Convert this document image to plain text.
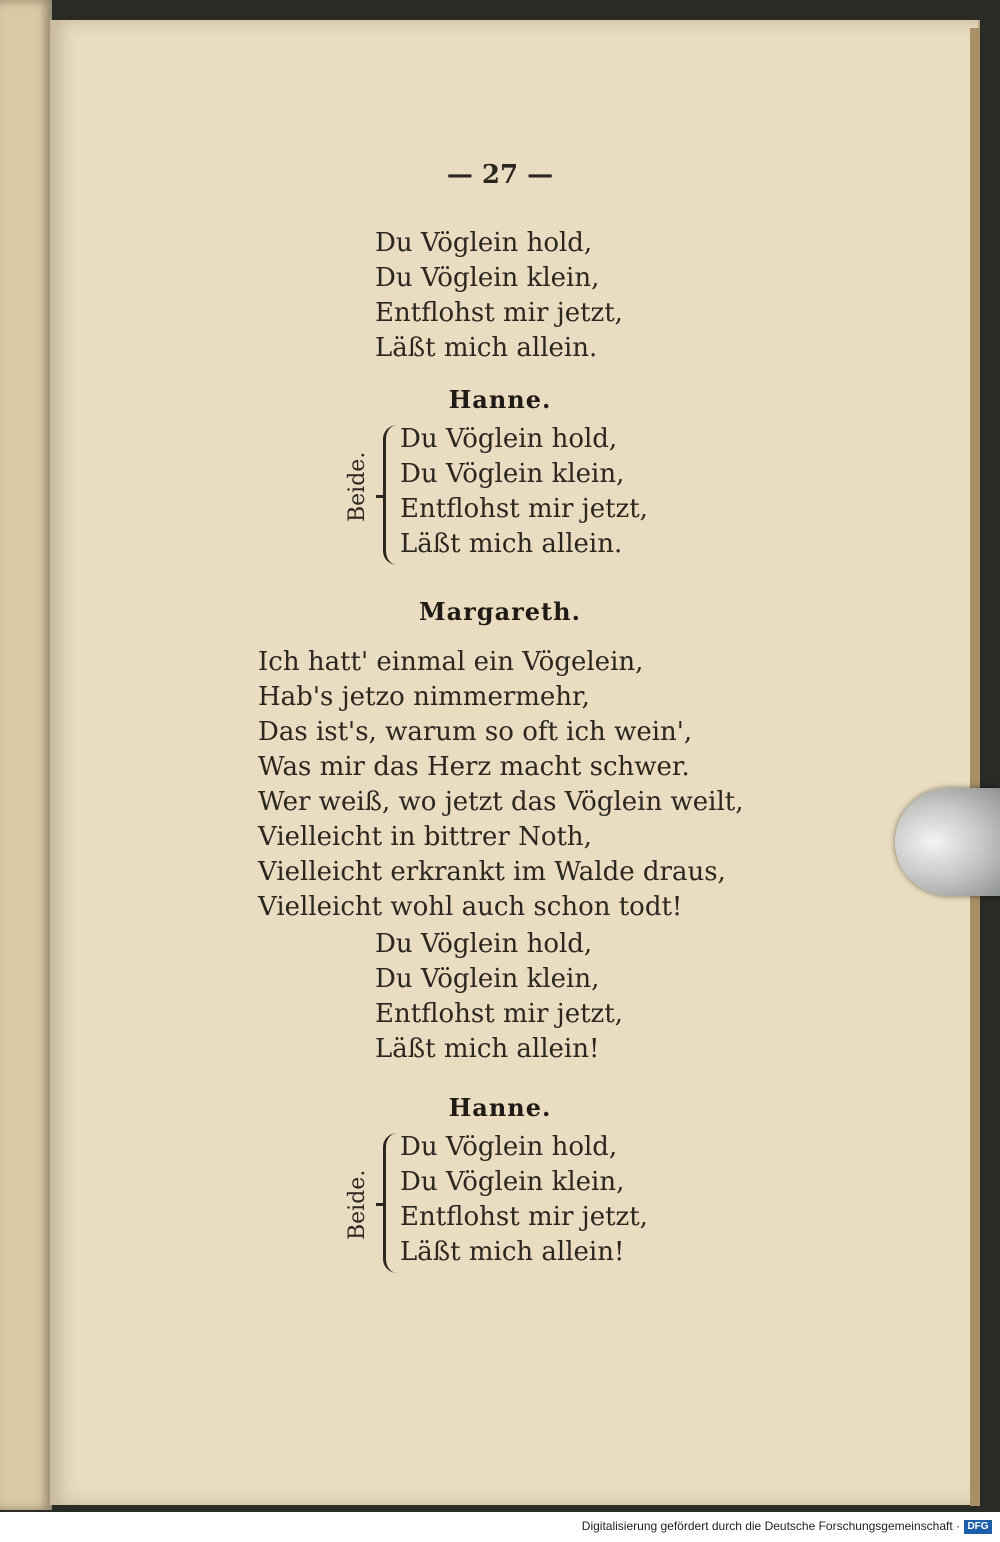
— 27 —
Du Vöglein hold,
Du Vöglein klein,
Entflohst mir jetzt,
Läßt mich allein.
Hanne.
Beide.
Du Vöglein hold,
Du Vöglein klein,
Entflohst mir jetzt,
Läßt mich allein.
Margareth.
Ich hatt' einmal ein Vögelein,
Hab's jetzo nimmermehr,
Das ist's, warum so oft ich wein',
Was mir das Herz macht schwer.
Wer weiß, wo jetzt das Vöglein weilt,
Vielleicht in bittrer Noth,
Vielleicht erkrankt im Walde draus,
Vielleicht wohl auch schon todt!
Du Vöglein hold,
Du Vöglein klein,
Entflohst mir jetzt,
Läßt mich allein!
Hanne.
Beide.
Du Vöglein hold,
Du Vöglein klein,
Entflohst mir jetzt,
Läßt mich allein!
Digitalisierung gefördert durch die Deutsche Forschungsgemeinschaft · DFG
